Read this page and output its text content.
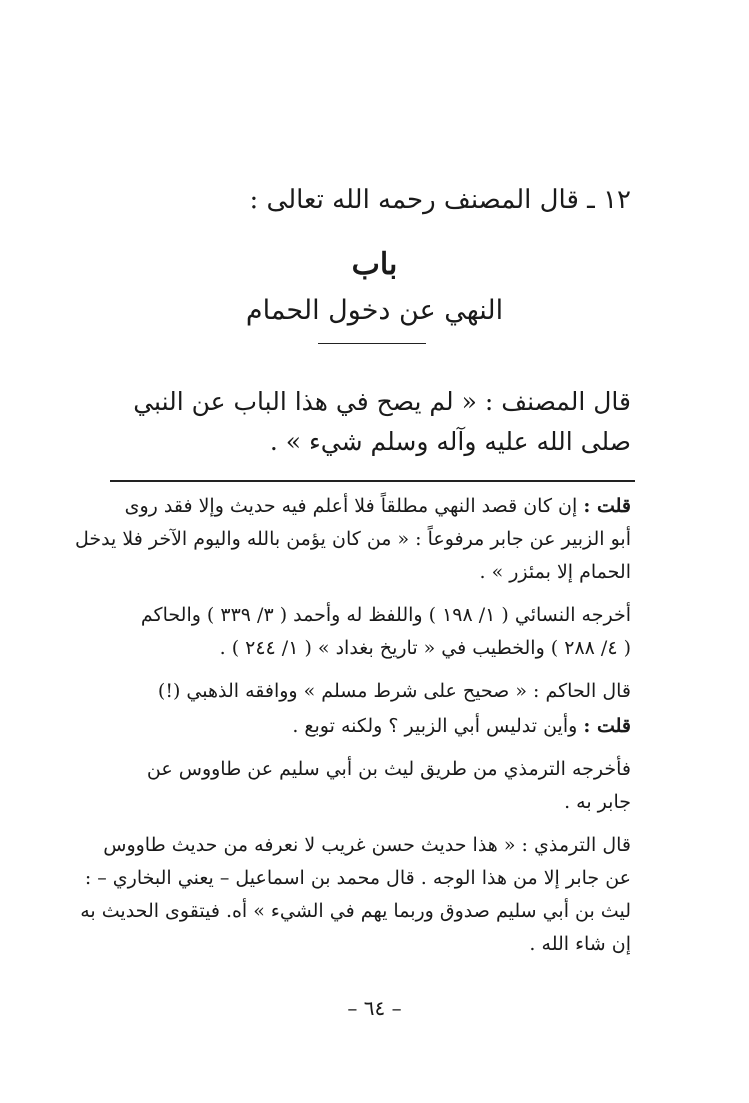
١٢ ـ قال المصنف رحمه الله تعالى :
باب
النهي عن دخول الحمام
قال المصنف : « لم يصح في هذا الباب عن النبي
صلى الله عليه وآله وسلم شيء » .
قلت : إن كان قصد النهي مطلقاً فلا أعلم فيه حديث وإلا فقد روى
أبو الزبير عن جابر مرفوعاً : « من كان يؤمن بالله واليوم الآخر فلا يدخل
الحمام إلا بمئزر » .
أخرجه النسائي ( ١/ ١٩٨ ) واللفظ له وأحمد ( ٣/ ٣٣٩ ) والحاكم
( ٤/ ٢٨٨ ) والخطيب في « تاريخ بغداد » ( ١/ ٢٤٤ ) .
قال الحاكم : « صحيح على شرط مسلم » ووافقه الذهبي (!)
قلت : وأين تدليس أبي الزبير ؟ ولكنه توبع .
فأخرجه الترمذي من طريق ليث بن أبي سليم عن طاووس عن
جابر به .
قال الترمذي : « هذا حديث حسن غريب لا نعرفه من حديث طاووس
عن جابر إلا من هذا الوجه . قال محمد بن اسماعيل – يعني البخاري – :
ليث بن أبي سليم صدوق وربما يهم في الشيء » أه. فيتقوى الحديث به
إن شاء الله .
– ٦٤ –
